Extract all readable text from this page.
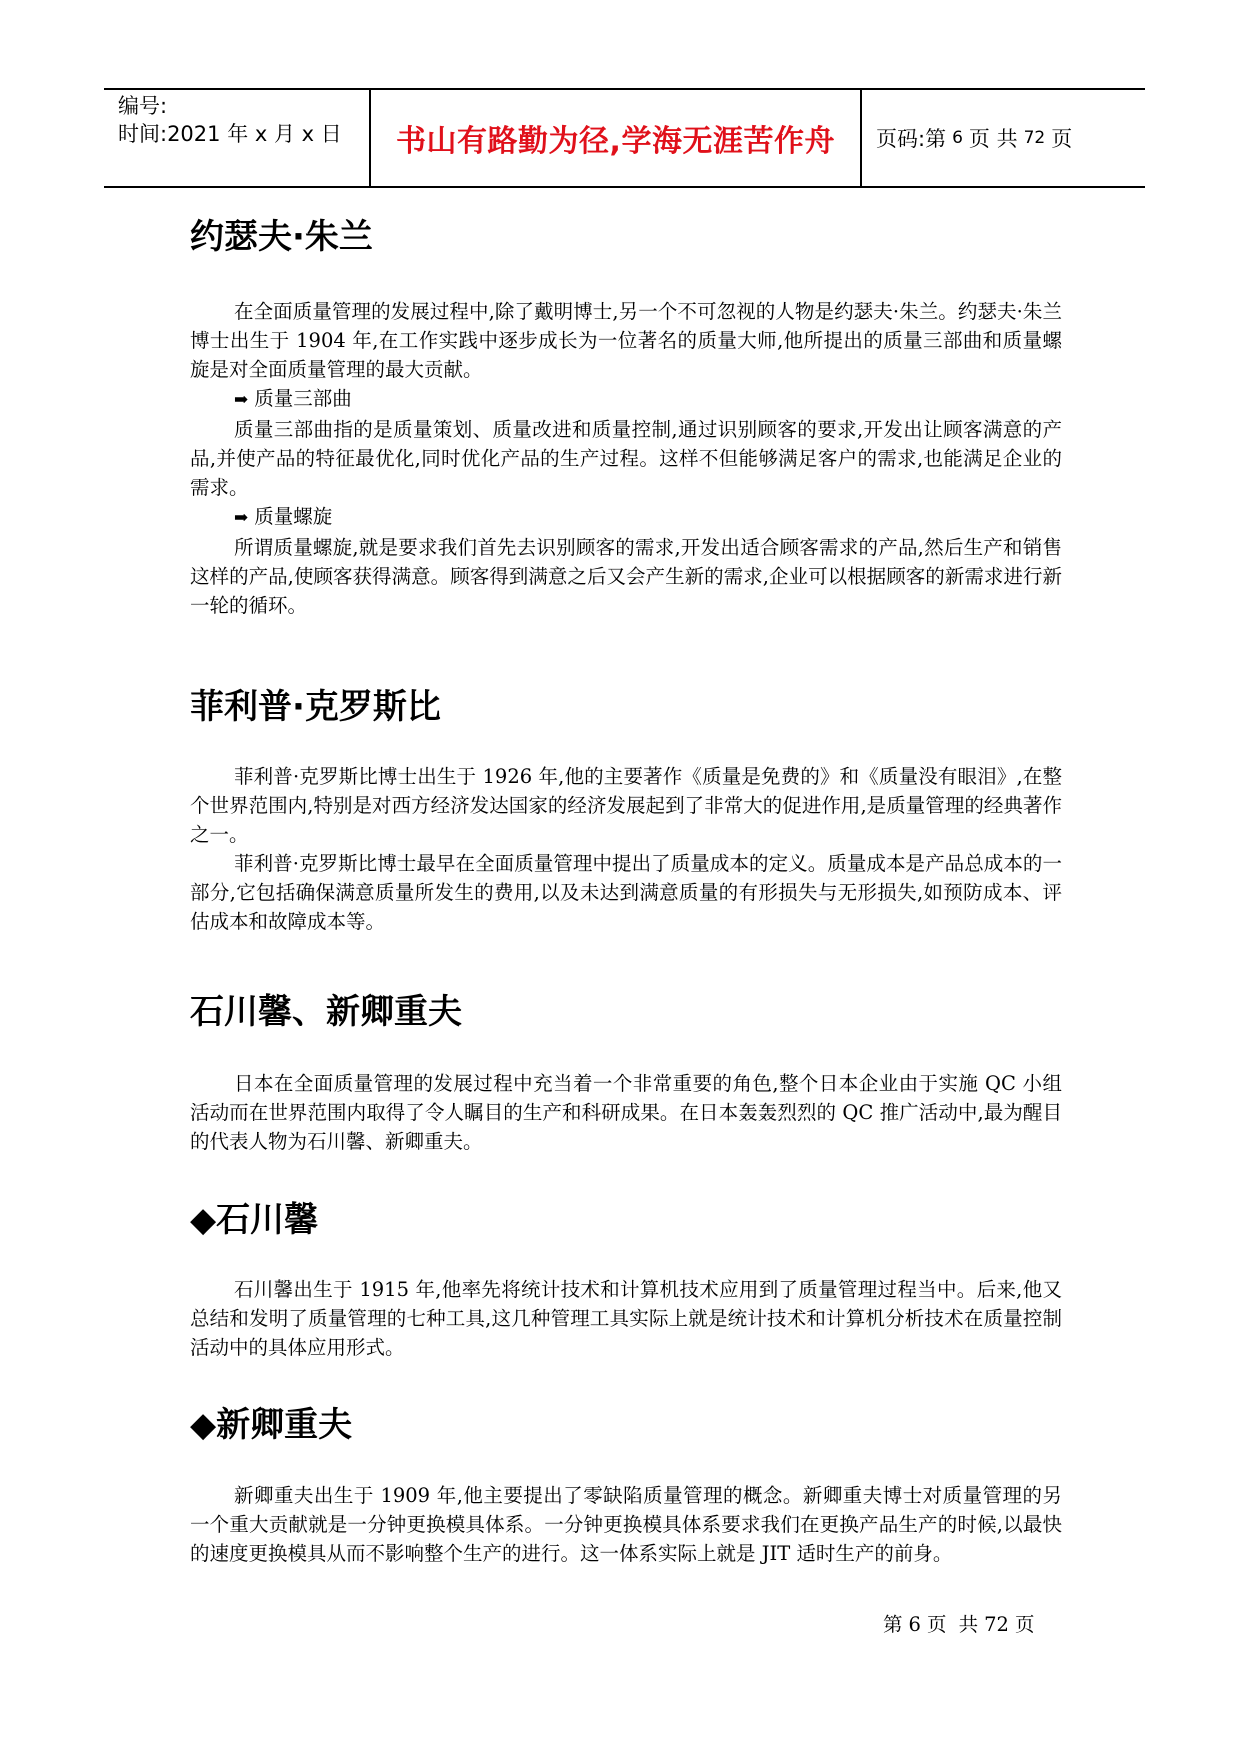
编号:
时间:2021 年 x 月 x 日	书山有路勤为径,学海无涯苦作舟	页码:第 6 页 共 72 页
约瑟夫·朱兰

在全面质量管理的发展过程中,除了戴明博士,另一个不可忽视的人物是约瑟夫·朱兰。约瑟夫·朱兰博士出生于 1904 年,在工作实践中逐步成长为一位著名的质量大师,他所提出的质量三部曲和质量螺旋是对全面质量管理的最大贡献。

➡ 质量三部曲

质量三部曲指的是质量策划、质量改进和质量控制,通过识别顾客的要求,开发出让顾客满意的产品,并使产品的特征最优化,同时优化产品的生产过程。这样不但能够满足客户的需求,也能满足企业的需求。

➡ 质量螺旋

所谓质量螺旋,就是要求我们首先去识别顾客的需求,开发出适合顾客需求的产品,然后生产和销售这样的产品,使顾客获得满意。顾客得到满意之后又会产生新的需求,企业可以根据顾客的新需求进行新一轮的循环。

菲利普·克罗斯比

菲利普·克罗斯比博士出生于 1926 年,他的主要著作《质量是免费的》和《质量没有眼泪》,在整个世界范围内,特别是对西方经济发达国家的经济发展起到了非常大的促进作用,是质量管理的经典著作之一。

菲利普·克罗斯比博士最早在全面质量管理中提出了质量成本的定义。质量成本是产品总成本的一部分,它包括确保满意质量所发生的费用,以及未达到满意质量的有形损失与无形损失,如预防成本、评估成本和故障成本等。

石川馨、新卿重夫

日本在全面质量管理的发展过程中充当着一个非常重要的角色,整个日本企业由于实施 QC 小组活动而在世界范围内取得了令人瞩目的生产和科研成果。在日本轰轰烈烈的 QC 推广活动中,最为醒目的代表人物为石川馨、新卿重夫。

◆石川馨

石川馨出生于 1915 年,他率先将统计技术和计算机技术应用到了质量管理过程当中。后来,他又总结和发明了质量管理的七种工具,这几种管理工具实际上就是统计技术和计算机分析技术在质量控制活动中的具体应用形式。

◆新卿重夫

新卿重夫出生于 1909 年,他主要提出了零缺陷质量管理的概念。新卿重夫博士对质量管理的另一个重大贡献就是一分钟更换模具体系。一分钟更换模具体系要求我们在更换产品生产的时候,以最快的速度更换模具从而不影响整个生产的进行。这一体系实际上就是 JIT 适时生产的前身。

第 6 页 共 72 页
